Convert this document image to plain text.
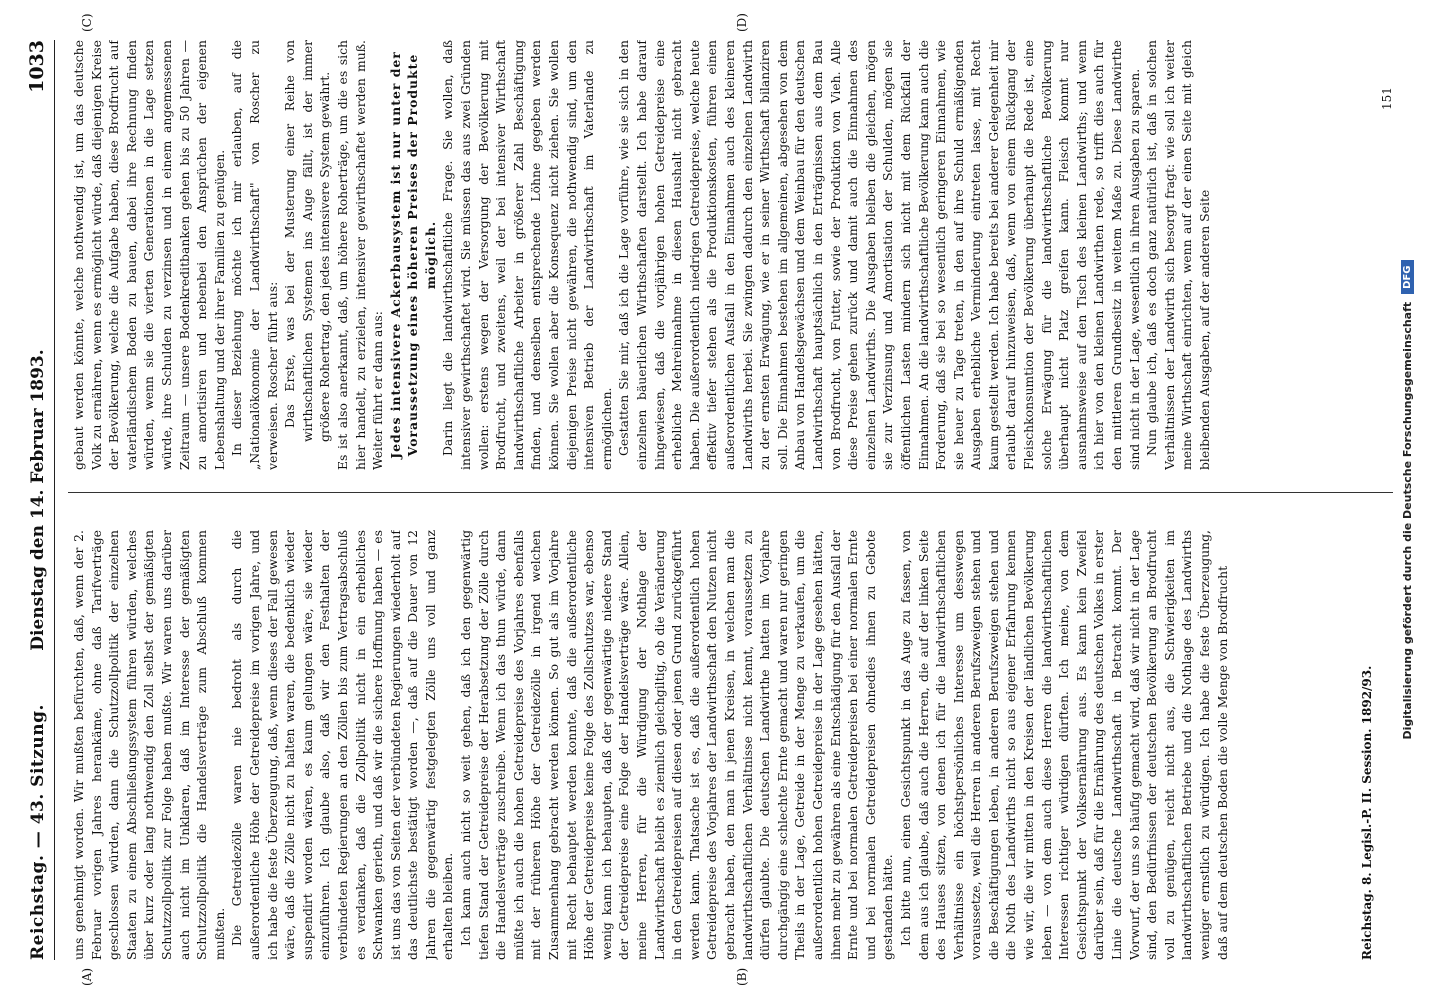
Reichstag. — 43. Sitzung.
Dienstag den 14. Februar 1893.
1033
(A)	(B)
(C)	(D)

uns genehmigt worden. Wir mußten befürchten, daß, wenn der 2. Februar vorigen Jahres herankäme, ohne daß Tarifverträge geschlossen würden, dann die Schutzzollpolitik der einzelnen Staaten zu einem Abschließungssystem führen würden, welches über kurz oder lang nothwendig den Zoll selbst der gemäßigten Schutzzollpolitik zur Folge haben mußte. Wir waren uns darüber auch nicht im Unklaren, daß im Interesse der gemäßigten Schutzzollpolitik die Handelsverträge zum Abschluß kommen mußten. Die Getreidezölle waren nie bedroht als durch die außerordentliche Höhe der Getreidepreise im vorigen Jahre, und ich habe die feste Überzeugung, daß, wenn dieses der Fall gewesen wäre, daß die Zölle nicht zu halten waren, die bedenklich wieder suspendirt worden wären, es kaum gelungen wäre, sie wieder einzuführen. Ich glaube also, daß wir den Festhalten der verbündeten Regierungen an den Zöllen bis zum Vertragsabschluß es verdanken, daß die Zollpolitik nicht in ein erhebliches Schwanken gerieth, und daß wir die sichere Hoffnung haben — es ist uns das von Seiten der verbündeten Regierungen wiederholt auf das deutlichste bestätigt worden —, daß auf die Dauer von 12 Jahren die gegenwärtig festgelegten Zölle uns voll und ganz erhalten bleiben. Ich kann auch nicht so weit gehen, daß ich den gegenwärtig tiefen Stand der Getreidepreise der Herabsetzung der Zölle durch die Handelsverträge zuschreibe. Wenn ich das thun würde, dann müßte ich auch die hohen Getreidepreise des Vorjahres ebenfalls mit der früheren Höhe der Getreidezölle in irgend welchen Zusammenhang gebracht werden können. So gut als im Vorjahre mit Recht behauptet werden konnte, daß die außerordentliche Höhe der Getreidepreise keine Folge des Zollschutzes war, ebenso wenig kann ich behaupten, daß der gegenwärtige niedere Stand der Getreidepreise eine Folge der Handelsverträge wäre. Allein, meine Herren, für die Würdigung der Nothlage der Landwirthschaft bleibt es ziemlich gleichgiltig, ob die Veränderung in den Getreidepreisen auf diesen oder jenen Grund zurückgeführt werden kann. Thatsache ist es, daß die außerordentlich hohen Getreidepreise des Vorjahres der Landwirthschaft den Nutzen nicht gebracht haben, den man in jenen Kreisen, in welchen man die landwirthschaftlichen Verhältnisse nicht kennt, voraussetzen zu dürfen glaubte. Die deutschen Landwirthe hatten im Vorjahre durchgängig eine schlechte Ernte gemacht und waren nur geringen Theils in der Lage, Getreide in der Menge zu verkaufen, um die außerordentlich hohen Getreidepreise in der Lage gesehen hätten, ihnen mehr zu gewähren als eine Entschädigung für den Ausfall der Ernte und bei normalen Getreidepreisen bei einer normalen Ernte und bei normalen Getreidepreisen ohnedies ihnen zu Gebote gestanden hätte. Ich bitte nun, einen Gesichtspunkt in das Auge zu fassen, von dem aus ich glaube, daß auch die Herren, die auf der linken Seite des Hauses sitzen, von denen ich für die landwirthschaftlichen Verhältnisse ein höchstpersönliches Interesse um desswegen voraussetze, weil die Herren in anderen Berufszweigen stehen und die Beschäftigungen leben, in anderen Berufszweigen stehen und die Noth des Landwirths nicht so aus eigener Erfahrung kennen wie wir, die wir mitten in den Kreisen der ländlichen Bevölkerung leben — von dem auch diese Herren die landwirthschaftlichen Interessen richtiger würdigen dürften. Ich meine, von dem Gesichtspunkt der Volksernährung aus. Es kann kein Zweifel darüber sein, daß für die Ernährung des deutschen Volkes in erster Linie die deutsche Landwirthschaft in Betracht kommt. Der Vorwurf, der uns so häufig gemacht wird, daß wir nicht in der Lage sind, den Bedürfnissen der deutschen Bevölkerung an Brodfrucht voll zu genügen, reicht nicht aus, die Schwierigkeiten im landwirthschaftlichen Betriebe und die Nothlage des Landwirths weniger ernstlich zu würdigen. Ich habe die feste Überzeugung, daß auf dem deutschen Boden die volle Menge von Brodfrucht

gebaut werden könnte, welche nothwendig ist, um das deutsche Volk zu ernähren, wenn es ermöglicht würde, daß diejenigen Kreise der Bevölkerung, welche die Aufgabe haben, diese Brodfrucht auf vaterländischem Boden zu bauen, dabei ihre Rechnung finden würden, wenn sie die vierten Generationen in die Lage setzen würde, ihre Schulden zu verzinsen und in einem angemessenen Zeitraum — unsere Bodenkreditbanken gehen bis zu 50 Jahren — zu amortisiren und nebenbei den Ansprüchen der eigenen Lebenshaltung und der ihrer Familien zu genügen. In dieser Beziehung möchte ich mir erlauben, auf die „Nationalökonomie der Landwirthschaft" von Roscher zu verweisen. Roscher führt aus: Das Erste, was bei der Musterung einer Reihe von wirthschaftlichen Systemen ins Auge fällt, ist der immer größere Rohertrag, den jedes intensivere System gewährt. Es ist also anerkannt, daß, um höhere Roherträge, um die es sich hier handelt, zu erzielen, intensiver gewirthschaftet werden muß. Weiter führt er dann aus: Jedes intensivere Ackerbausystem ist nur unter der Voraussetzung eines höheren Preises der Produkte möglich. Darin liegt die landwirthschaftliche Frage. Sie wollen, daß intensiver gewirthschaftet wird. Sie müssen das aus zwei Gründen wollen: erstens wegen der Versorgung der Bevölkerung mit Brodfrucht, und zweitens, weil der bei intensiver Wirthschaft landwirthschaftliche Arbeiter in größerer Zahl Beschäftigung finden, und denselben entsprechende Löhne gegeben werden können. Sie wollen aber die Konsequenz nicht ziehen. Sie wollen diejenigen Preise nicht gewähren, die nothwendig sind, um den intensiven Betrieb der Landwirthschaft im Vaterlande zu ermöglichen. Gestatten Sie mir, daß ich die Lage vorführe, wie sie sich in den einzelnen bäuerlichen Wirthschaften darstellt. Ich habe darauf hingewiesen, daß die vorjährigen hohen Getreidepreise eine erhebliche Mehreinnahme in diesen Haushalt nicht gebracht haben. Die außerordentlich niedrigen Getreidepreise, welche heute effektiv tiefer stehen als die Produktionskosten, führen einen außerordentlichen Ausfall in den Einnahmen auch des kleineren Landwirths herbei. Sie zwingen dadurch den einzelnen Landwirth zu der ernsten Erwägung, wie er in seiner Wirthschaft bilanziren soll. Die Einnahmen bestehen im allgemeinen, abgesehen von dem Anbau von Handelsgewächsen und dem Weinbau für den deutschen Landwirthschaft hauptsächlich in den Erträgnissen aus dem Bau von Brodfrucht, von Futter, sowie der Produktion von Vieh. Alle diese Preise gehen zurück und damit auch die Einnahmen des einzelnen Landwirths. Die Ausgaben bleiben die gleichen, mögen sie zur Verzinsung und Amortisation der Schulden, mögen sie öffentlichen Lasten mindern sich nicht mit dem Rückfall der Einnahmen. An die landwirthschaftliche Bevölkerung kann auch die Forderung, daß sie bei so wesentlich geringeren Einnahmen, wie sie heuer zu Tage treten, in den auf ihre Schuld ermäßigenden Ausgaben erhebliche Verminderung eintreten lasse, mit Recht kaum gestellt werden. Ich habe bereits bei anderer Gelegenheit mir erlaubt darauf hinzuweisen, daß, wenn von einem Rückgang der Fleischkonsumtion der Bevölkerung überhaupt die Rede ist, eine solche Erwägung für die landwirthschaftliche Bevölkerung überhaupt nicht Platz greifen kann. Fleisch kommt nur ausnahmsweise auf den Tisch des kleinen Landwirths; und wenn ich hier von den kleinen Landwirthen rede, so trifft dies auch für den mittleren Grundbesitz in weitem Maße zu. Diese Landwirthe sind nicht in der Lage, wesentlich in ihren Ausgaben zu sparen. Nun glaube ich, daß es doch ganz natürlich ist, daß in solchen Verhältnissen der Landwirth sich besorgt fragt: wie soll ich weiter meine Wirthschaft einrichten, wenn auf der einen Seite mit gleich bleibenden Ausgaben, auf der anderen Seite

Reichstag. 8. Legisl.-P. II. Session. 1892/93.
151
Digitalisierung gefördert durch die Deutsche Forschungsgemeinschaft
DFG
